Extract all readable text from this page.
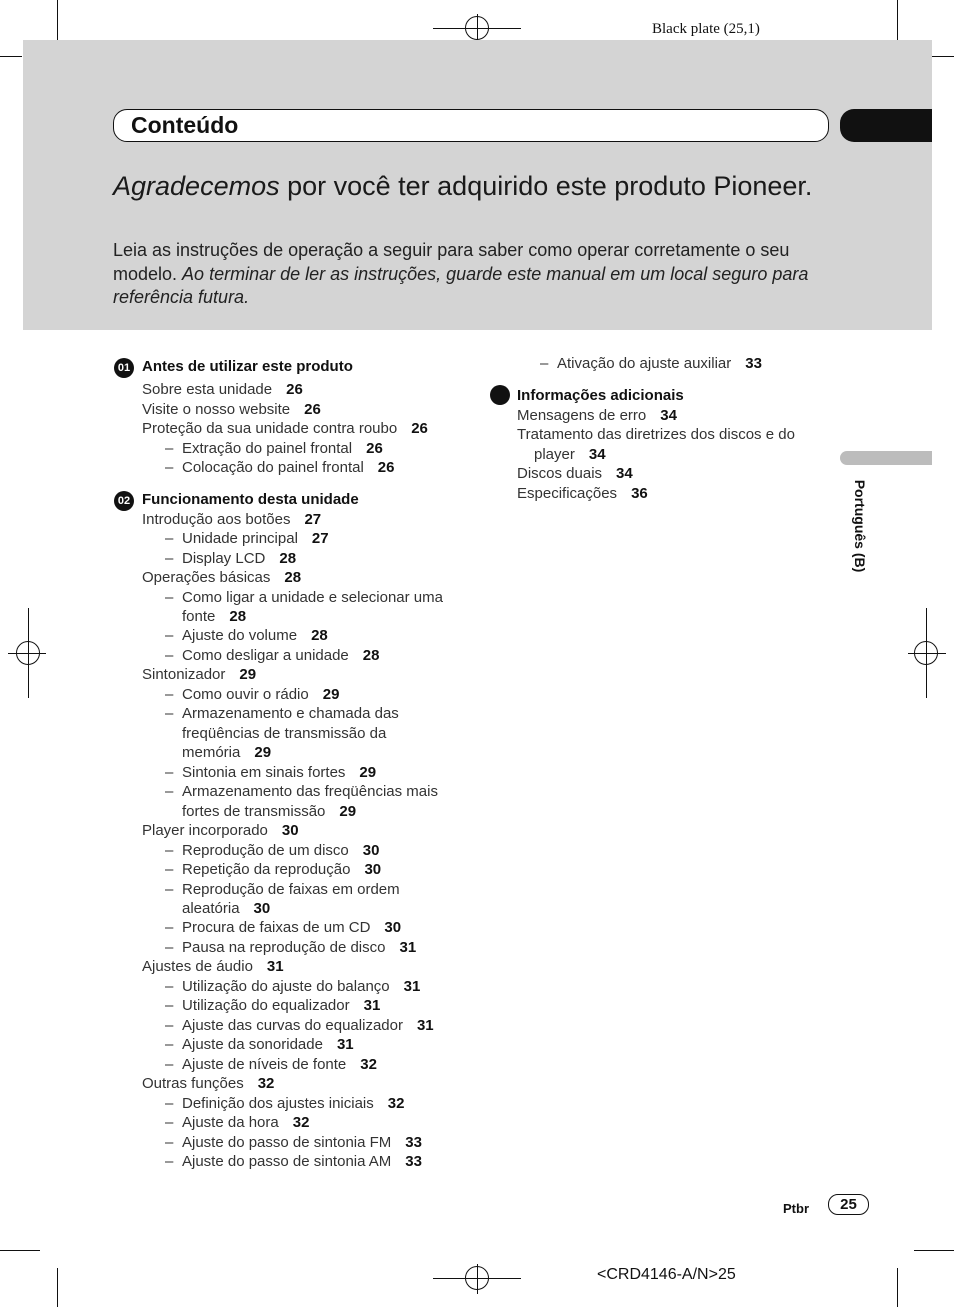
Black plate (25,1)
Conteúdo
Agradecemos por você ter adquirido este produto Pioneer.
Leia as instruções de operação a seguir para saber como operar corretamente o seu modelo. Ao terminar de ler as instruções, guarde este manual em um local seguro para referência futura.
01 Antes de utilizar este produto
Sobre esta unidade 26
Visite o nosso website 26
Proteção da sua unidade contra roubo 26
– Extração do painel frontal 26
– Colocação do painel frontal 26
02 Funcionamento desta unidade
Introdução aos botões 27
– Unidade principal 27
– Display LCD 28
Operações básicas 28
– Como ligar a unidade e selecionar uma
fonte 28
– Ajuste do volume 28
– Como desligar a unidade 28
Sintonizador 29
– Como ouvir o rádio 29
– Armazenamento e chamada das
freqüências de transmissão da
memória 29
– Sintonia em sinais fortes 29
– Armazenamento das freqüências mais
fortes de transmissão 29
Player incorporado 30
– Reprodução de um disco 30
– Repetição da reprodução 30
– Reprodução de faixas em ordem
aleatória 30
– Procura de faixas de um CD 30
– Pausa na reprodução de disco 31
Ajustes de áudio 31
– Utilização do ajuste do balanço 31
– Utilização do equalizador 31
– Ajuste das curvas do equalizador 31
– Ajuste da sonoridade 31
– Ajuste de níveis de fonte 32
Outras funções 32
– Definição dos ajustes iniciais 32
– Ajuste da hora 32
– Ajuste do passo de sintonia FM 33
– Ajuste do passo de sintonia AM 33
– Ativação do ajuste auxiliar 33
Informações adicionais
Mensagens de erro 34
Tratamento das diretrizes dos discos e do
player 34
Discos duais 34
Especificações 36	Português (B)
Ptbr	25
<CRD4146-A/N>25
